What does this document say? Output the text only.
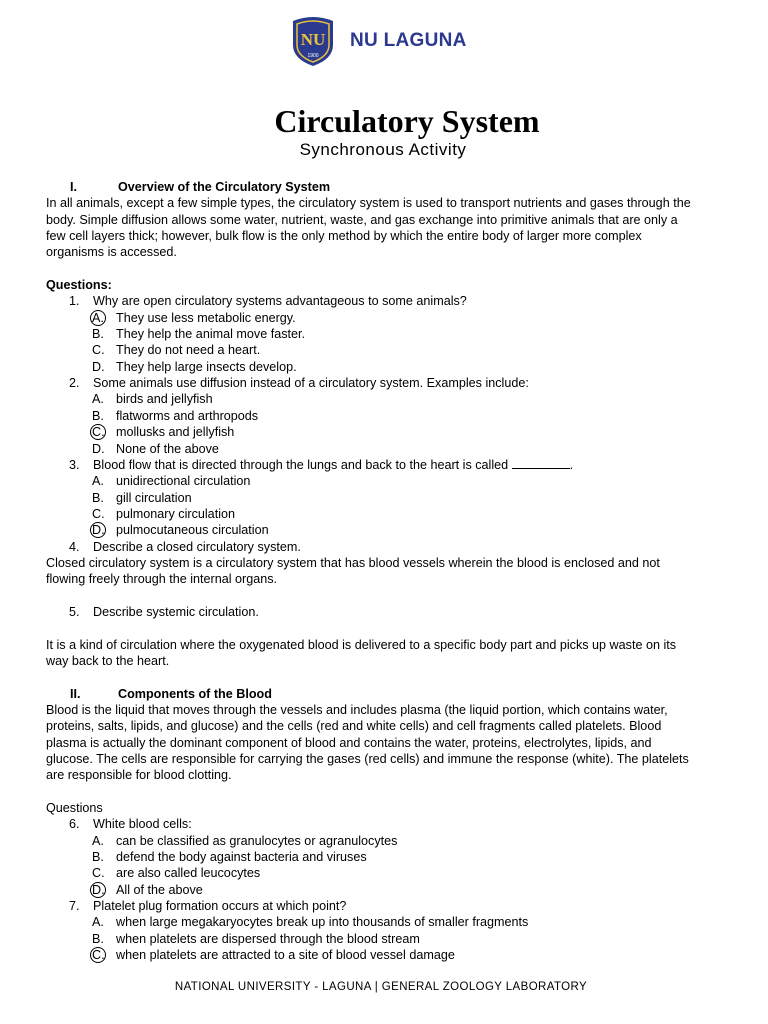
NU
1900
NU LAGUNA
Circulatory System
Synchronous Activity
I.	Overview of the Circulatory System
In all animals, except a few simple types, the circulatory system is used to transport nutrients and gases through the
body. Simple diffusion allows some water, nutrient, waste, and gas exchange into primitive animals that are only a
few cell layers thick; however, bulk flow is the only method by which the entire body of larger more complex
organisms is accessed.
Questions:
1.	Why are open circulatory systems advantageous to some animals?
A. They use less metabolic energy.
B. They help the animal move faster.
C. They do not need a heart.
D. They help large insects develop.
2.	Some animals use diffusion instead of a circulatory system. Examples include:
A. birds and jellyfish
B. flatworms and arthropods
C. mollusks and jellyfish
D. None of the above
3.	Blood flow that is directed through the lungs and back to the heart is called	.
A. unidirectional circulation
B. gill circulation
C. pulmonary circulation
D. pulmocutaneous circulation
4.	Describe a closed circulatory system.
Closed circulatory system is a circulatory system that has blood vessels wherein the blood is enclosed and not
flowing freely through the internal organs.
5.	Describe systemic circulation.
It is a kind of circulation where the oxygenated blood is delivered to a specific body part and picks up waste on its
way back to the heart.
II.	Components of the Blood
Blood is the liquid that moves through the vessels and includes plasma (the liquid portion, which contains water,
proteins, salts, lipids, and glucose) and the cells (red and white cells) and cell fragments called platelets. Blood
plasma is actually the dominant component of blood and contains the water, proteins, electrolytes, lipids, and
glucose. The cells are responsible for carrying the gases (red cells) and immune the response (white). The platelets
are responsible for blood clotting.
Questions
6.	White blood cells:
A. can be classified as granulocytes or agranulocytes
B. defend the body against bacteria and viruses
C. are also called leucocytes
D. All of the above
7.	Platelet plug formation occurs at which point?
A. when large megakaryocytes break up into thousands of smaller fragments
B. when platelets are dispersed through the blood stream
C. when platelets are attracted to a site of blood vessel damage
NATIONAL UNIVERSITY - LAGUNA | GENERAL ZOOLOGY LABORATORY
